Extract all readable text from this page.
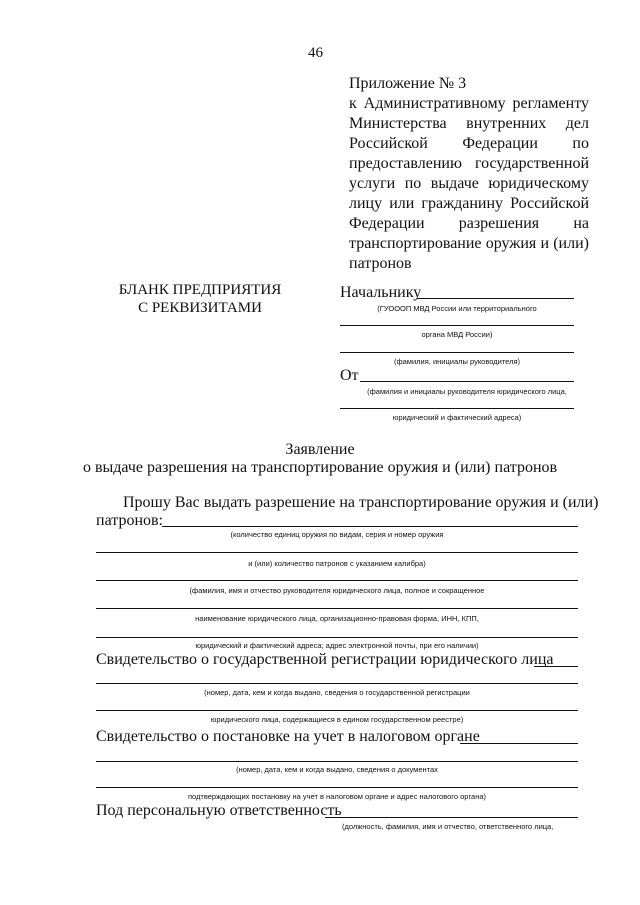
46
Приложение № 3
к Административному регламенту
Министерства внутренних дел
Российской Федерации по
предоставлению государственной
услуги по выдаче юридическому
лицу или гражданину Российской
Федерации разрешения на
транспортирование оружия и (или)
патронов
БЛАНК ПРЕДПРИЯТИЯ
С РЕКВИЗИТАМИ
Начальнику
(ГУОООП МВД России или территориального
органа МВД России)
(фамилия, инициалы руководителя)
От
(фамилия и инициалы руководителя юридического лица,
юридический и фактический адреса)
Заявление
о выдаче разрешения на транспортирование оружия и (или) патронов
Прошу Вас выдать разрешение на транспортирование оружия и (или)
патронов:
(количество единиц оружия по видам, серия и номер оружия
и (или) количество патронов с указанием калибра)
(фамилия, имя и отчество руководителя юридического лица, полное и сокращенное
наименование юридического лица, организационно-правовая форма, ИНН, КПП,
юридический и фактический адреса; адрес электронной почты, при его наличии)
Свидетельство о государственной регистрации юридического лица
(номер, дата, кем и когда выдано, сведения о государственной регистрации
юридического лица, содержащиеся в едином государственном реестре)
Свидетельство о постановке на учет в налоговом органе
(номер, дата, кем и когда выдано, сведения о документах
подтверждающих постановку на учет в налоговом органе и адрес налогового органа)
Под персональную ответственность
(должность, фамилия, имя и отчество, ответственного лица,
